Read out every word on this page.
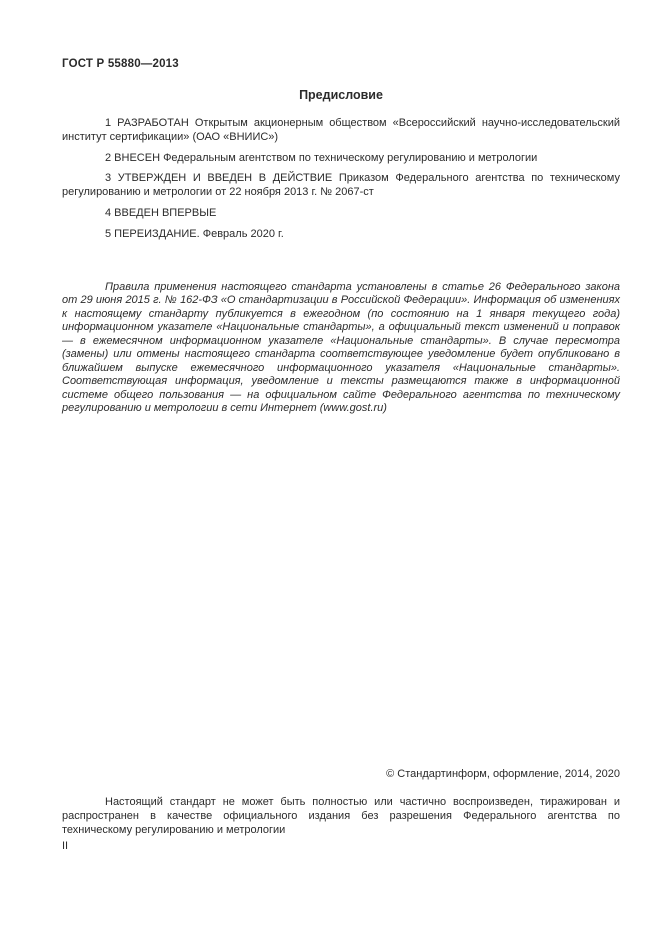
ГОСТ Р 55880—2013
Предисловие

1 РАЗРАБОТАН Открытым акционерным обществом «Всероссийский научно-исследовательский институт сертификации» (ОАО «ВНИИС»)

2 ВНЕСЕН Федеральным агентством по техническому регулированию и метрологии

3 УТВЕРЖДЕН И ВВЕДЕН В ДЕЙСТВИЕ Приказом Федерального агентства по техническому регулированию и метрологии от 22 ноября 2013 г. № 2067-ст

4 ВВЕДЕН ВПЕРВЫЕ

5 ПЕРЕИЗДАНИЕ. Февраль 2020 г.

Правила применения настоящего стандарта установлены в статье 26 Федерального закона от 29 июня 2015 г. № 162-ФЗ «О стандартизации в Российской Федерации». Информация об изменениях к настоящему стандарту публикуется в ежегодном (по состоянию на 1 января текущего года) информационном указателе «Национальные стандарты», а официальный текст изменений и поправок — в ежемесячном информационном указателе «Национальные стандарты». В случае пересмотра (замены) или отмены настоящего стандарта соответствующее уведомление будет опубликовано в ближайшем выпуске ежемесячного информационного указателя «Национальные стандарты». Соответствующая информация, уведомление и тексты размещаются также в информационной системе общего пользования — на официальном сайте Федерального агентства по техническому регулированию и метрологии в сети Интернет (www.gost.ru)

© Стандартинформ, оформление, 2014, 2020

Настоящий стандарт не может быть полностью или частично воспроизведен, тиражирован и распространен в качестве официального издания без разрешения Федерального агентства по техническому регулированию и метрологии

II
